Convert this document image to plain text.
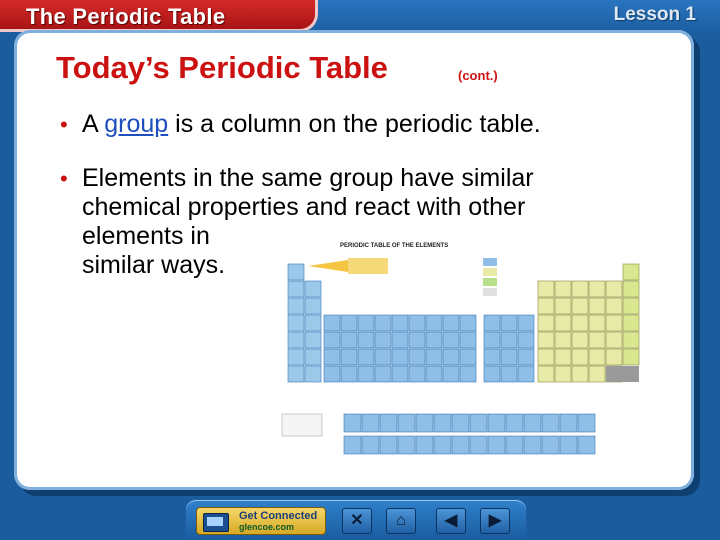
The Periodic Table	Lesson 1
Today’s Periodic Table	(cont.)
• A group is a column on the periodic table.
• Elements in the same group have similar
chemical properties and react with other
elements in
similar ways.
PERIODIC TABLE OF THE ELEMENTS
Get Connected
glencoe.com	✕	⌂	◀	▶
